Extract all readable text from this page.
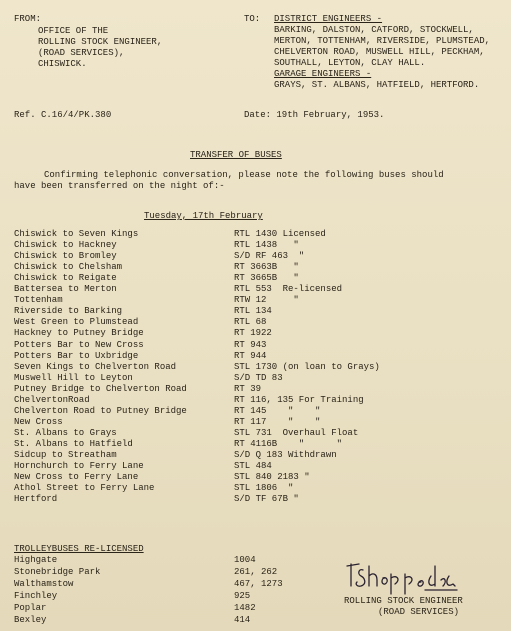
FROM:
OFFICE OF THE
ROLLING STOCK ENGINEER,
(ROAD SERVICES),
CHISWICK.
TO: DISTRICT ENGINEERS -
BARKING, DALSTON, CATFORD, STOCKWELL,
MERTON, TOTTENHAM, RIVERSIDE, PLUMSTEAD,
CHELVERTON ROAD, MUSWELL HILL, PECKHAM,
SOUTHALL, LEYTON, CLAY HALL.
GARAGE ENGINEERS -
GRAYS, ST. ALBANS, HATFIELD, HERTFORD.
Ref. C.16/4/PK.380	Date: 19th February, 1953.
TRANSFER OF BUSES
Confirming telephonic conversation, please note the following buses should
have been transferred on the night of:-
Tuesday, 17th February
Chiswick to Seven Kings	RTL 1430 Licensed
Chiswick to Hackney	RTL 1438   "
Chiswick to Bromley	S/D RF 463  "
Chiswick to Chelsham	RT 3663B   "
Chiswick to Reigate	RT 3665B   "
Battersea to Merton	RTL 553  Re-licensed
Tottenham	RTW 12     "
Riverside to Barking	RTL 134
West Green to Plumstead	RTL 68
Hackney to Putney Bridge	RT 1922
Potters Bar to New Cross	RT 943
Potters Bar to Uxbridge	RT 944
Seven Kings to Chelverton Road	STL 1730 (on loan to Grays)
Muswell Hill to Leyton	S/D TD 83
Putney Bridge to Chelverton Road	RT 39
ChelvertonRoad	RT 116, 135 For Training
Chelverton Road to Putney Bridge	RT 145    "    "
New Cross	RT 117    "    "
St. Albans to Grays	STL 731  Overhaul Float
St. Albans to Hatfield	RT 4116B    "      "
Sidcup to Streatham	S/D Q 183 Withdrawn
Hornchurch to Ferry Lane	STL 484
New Cross to Ferry Lane	STL 840 2183 "
Athol Street to Ferry Lane	STL 1806  "
Hertford	S/D TF 67B "
TROLLEYBUSES RE-LICENSED
Highgate	1004
Stonebridge Park	261, 262
Walthamstow	467, 1273
Finchley	925
Poplar	1482
Bexley	414
ROLLING STOCK ENGINEER
(ROAD SERVICES)
